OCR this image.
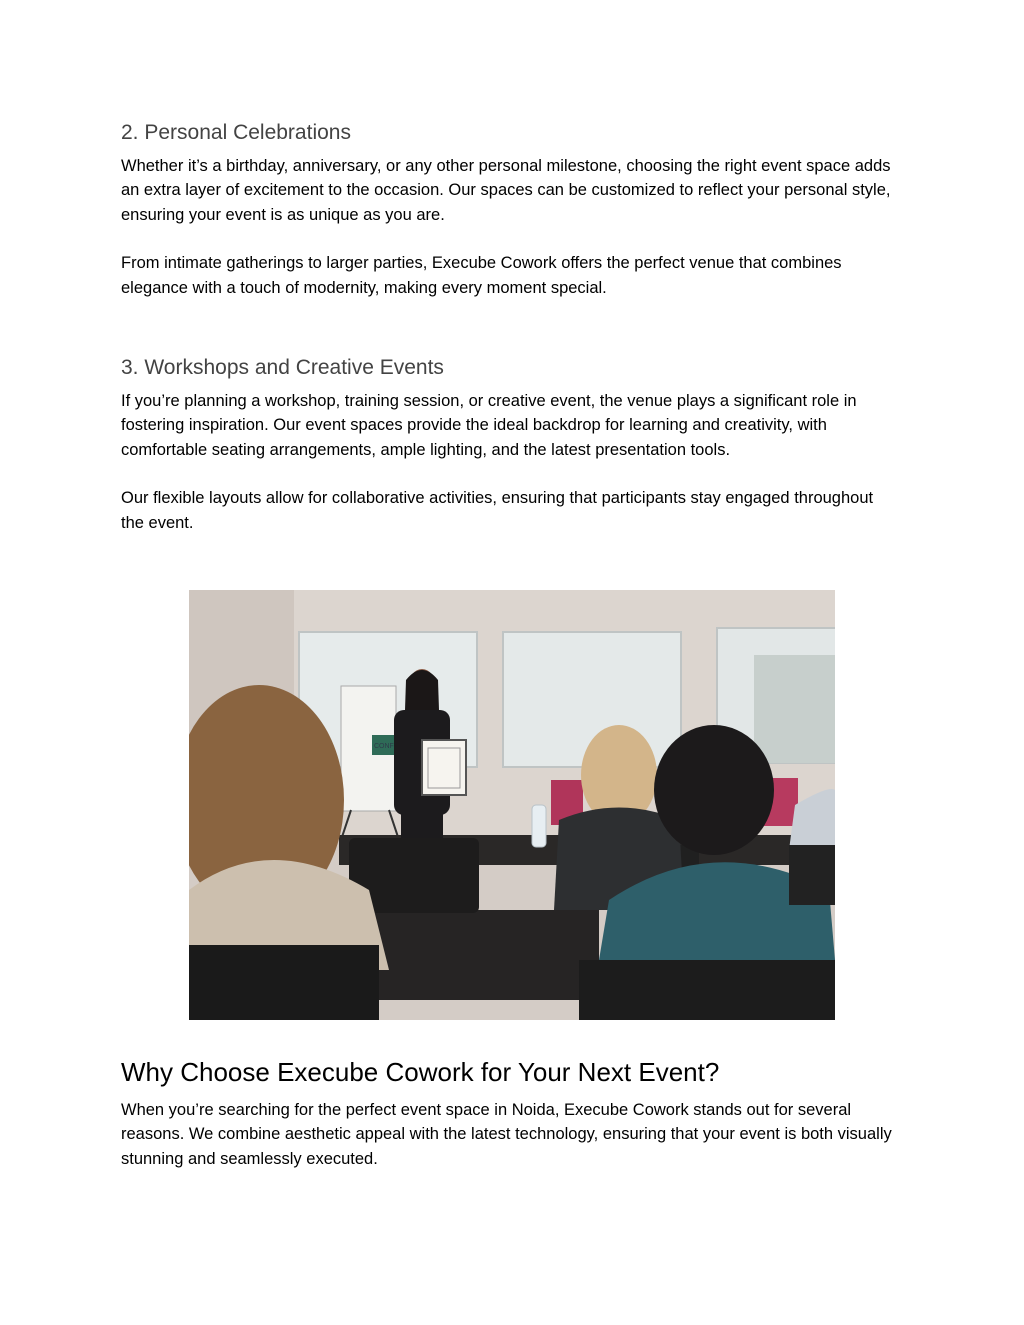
2. Personal Celebrations

Whether it’s a birthday, anniversary, or any other personal milestone, choosing the right event space adds an extra layer of excitement to the occasion. Our spaces can be customized to reflect your personal style, ensuring your event is as unique as you are.

From intimate gatherings to larger parties, Execube Cowork offers the perfect venue that combines elegance with a touch of modernity, making every moment special.

3. Workshops and Creative Events

If you’re planning a workshop, training session, or creative event, the venue plays a significant role in fostering inspiration. Our event spaces provide the ideal backdrop for learning and creativity, with comfortable seating arrangements, ample lighting, and the latest presentation tools.

Our flexible layouts allow for collaborative activities, ensuring that participants stay engaged throughout the event.

CONF
Why Choose Execube Cowork for Your Next Event?

When you’re searching for the perfect event space in Noida, Execube Cowork stands out for several reasons. We combine aesthetic appeal with the latest technology, ensuring that your event is both visually stunning and seamlessly executed.
